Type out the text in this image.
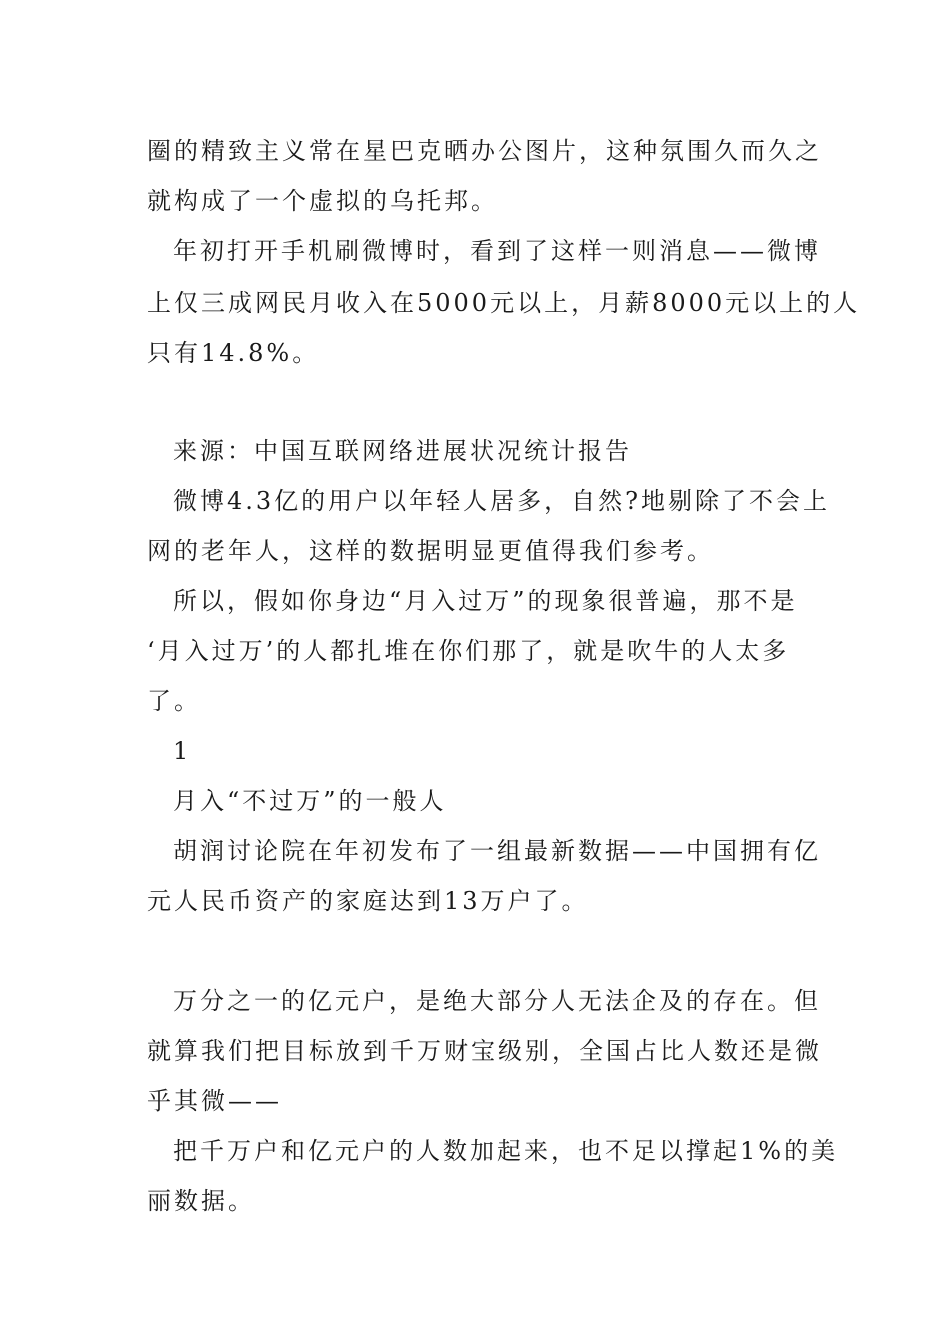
圈的精致主义常在星巴克晒办公图片，这种氛围久而久之
就构成了一个虚拟的乌托邦。
年初打开手机刷微博时，看到了这样一则消息——微博
上仅三成网民月收入在5000元以上，月薪8000元以上的人
只有14.8%。
来源：中国互联网络进展状况统计报告
微博4.3亿的用户以年轻人居多，自然?地剔除了不会上
网的老年人，这样的数据明显更值得我们参考。
所以，假如你身边“月入过万”的现象很普遍，那不是
‘月入过万’的人都扎堆在你们那了，就是吹牛的人太多
了。
1
月入“不过万”的一般人
胡润讨论院在年初发布了一组最新数据——中国拥有亿
元人民币资产的家庭达到13万户了。
万分之一的亿元户，是绝大部分人无法企及的存在。但
就算我们把目标放到千万财宝级别，全国占比人数还是微
乎其微——
把千万户和亿元户的人数加起来，也不足以撑起1%的美
丽数据。
